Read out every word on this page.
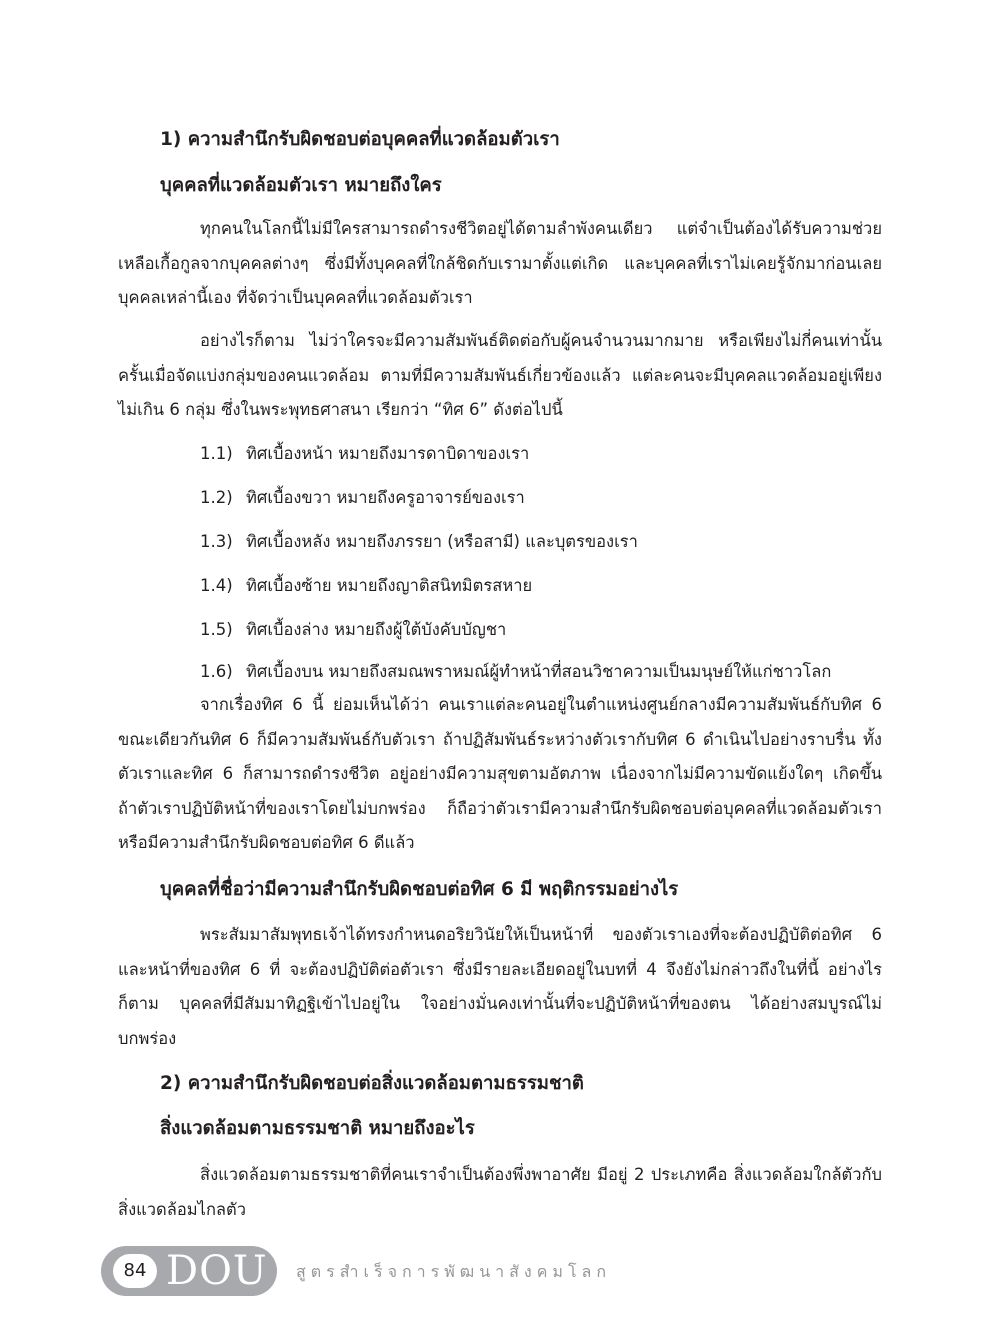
1) ความสำนึกรับผิดชอบต่อบุคคลที่แวดล้อมตัวเรา
บุคคลที่แวดล้อมตัวเรา หมายถึงใคร

ทุกคนในโลกนี้ไม่มีใครสามารถดำรงชีวิตอยู่ได้ตามลำพังคนเดียว แต่จำเป็นต้องได้รับความช่วยเหลือเกื้อกูลจากบุคคลต่างๆ ซึ่งมีทั้งบุคคลที่ใกล้ชิดกับเรามาตั้งแต่เกิด และบุคคลที่เราไม่เคยรู้จักมาก่อนเลย บุคคลเหล่านี้เอง ที่จัดว่าเป็นบุคคลที่แวดล้อมตัวเรา

อย่างไรก็ตาม ไม่ว่าใครจะมีความสัมพันธ์ติดต่อกับผู้คนจำนวนมากมาย หรือเพียงไม่กี่คนเท่านั้น ครั้นเมื่อจัดแบ่งกลุ่มของคนแวดล้อม ตามที่มีความสัมพันธ์เกี่ยวข้องแล้ว แต่ละคนจะมีบุคคลแวดล้อมอยู่เพียงไม่เกิน 6 กลุ่ม ซึ่งในพระพุทธศาสนา เรียกว่า “ทิศ 6” ดังต่อไปนี้

1.1) ทิศเบื้องหน้า หมายถึงมารดาบิดาของเรา
1.2) ทิศเบื้องขวา หมายถึงครูอาจารย์ของเรา
1.3) ทิศเบื้องหลัง หมายถึงภรรยา (หรือสามี) และบุตรของเรา
1.4) ทิศเบื้องซ้าย หมายถึงญาติสนิทมิตรสหาย
1.5) ทิศเบื้องล่าง หมายถึงผู้ใต้บังคับบัญชา
1.6) ทิศเบื้องบน หมายถึงสมณพราหมณ์ผู้ทำหน้าที่สอนวิชาความเป็นมนุษย์ให้แก่ชาวโลก

จากเรื่องทิศ 6 นี้ ย่อมเห็นได้ว่า คนเราแต่ละคนอยู่ในตำแหน่งศูนย์กลางมีความสัมพันธ์กับทิศ 6 ขณะเดียวกันทิศ 6 ก็มีความสัมพันธ์กับตัวเรา ถ้าปฏิสัมพันธ์ระหว่างตัวเรากับทิศ 6 ดำเนินไปอย่างราบรื่น ทั้งตัวเราและทิศ 6 ก็สามารถดำรงชีวิต อยู่อย่างมีความสุขตามอัตภาพ เนื่องจากไม่มีความขัดแย้งใดๆ เกิดขึ้น ถ้าตัวเราปฏิบัติหน้าที่ของเราโดยไม่บกพร่อง ก็ถือว่าตัวเรามีความสำนึกรับผิดชอบต่อบุคคลที่แวดล้อมตัวเรา หรือมีความสำนึกรับผิดชอบต่อทิศ 6 ดีแล้ว

บุคคลที่ชื่อว่ามีความสำนึกรับผิดชอบต่อทิศ 6 มี พฤติกรรมอย่างไร

พระสัมมาสัมพุทธเจ้าได้ทรงกำหนดอริยวินัยให้เป็นหน้าที่ ของตัวเราเองที่จะต้องปฏิบัติต่อทิศ 6 และหน้าที่ของทิศ 6 ที่ จะต้องปฏิบัติต่อตัวเรา ซึ่งมีรายละเอียดอยู่ในบทที่ 4 จึงยังไม่กล่าวถึงในที่นี้ อย่างไรก็ตาม บุคคลที่มีสัมมาทิฏฐิเข้าไปอยู่ใน ใจอย่างมั่นคงเท่านั้นที่จะปฏิบัติหน้าที่ของตน ได้อย่างสมบูรณ์ไม่บกพร่อง

2) ความสำนึกรับผิดชอบต่อสิ่งแวดล้อมตามธรรมชาติ
สิ่งแวดล้อมตามธรรมชาติ หมายถึงอะไร

สิ่งแวดล้อมตามธรรมชาติที่คนเราจำเป็นต้องพึ่งพาอาศัย มีอยู่ 2 ประเภทคือ สิ่งแวดล้อมใกล้ตัวกับสิ่งแวดล้อมไกลตัว

84 DOU สูตรสำเร็จการพัฒนาสังคมโลก
